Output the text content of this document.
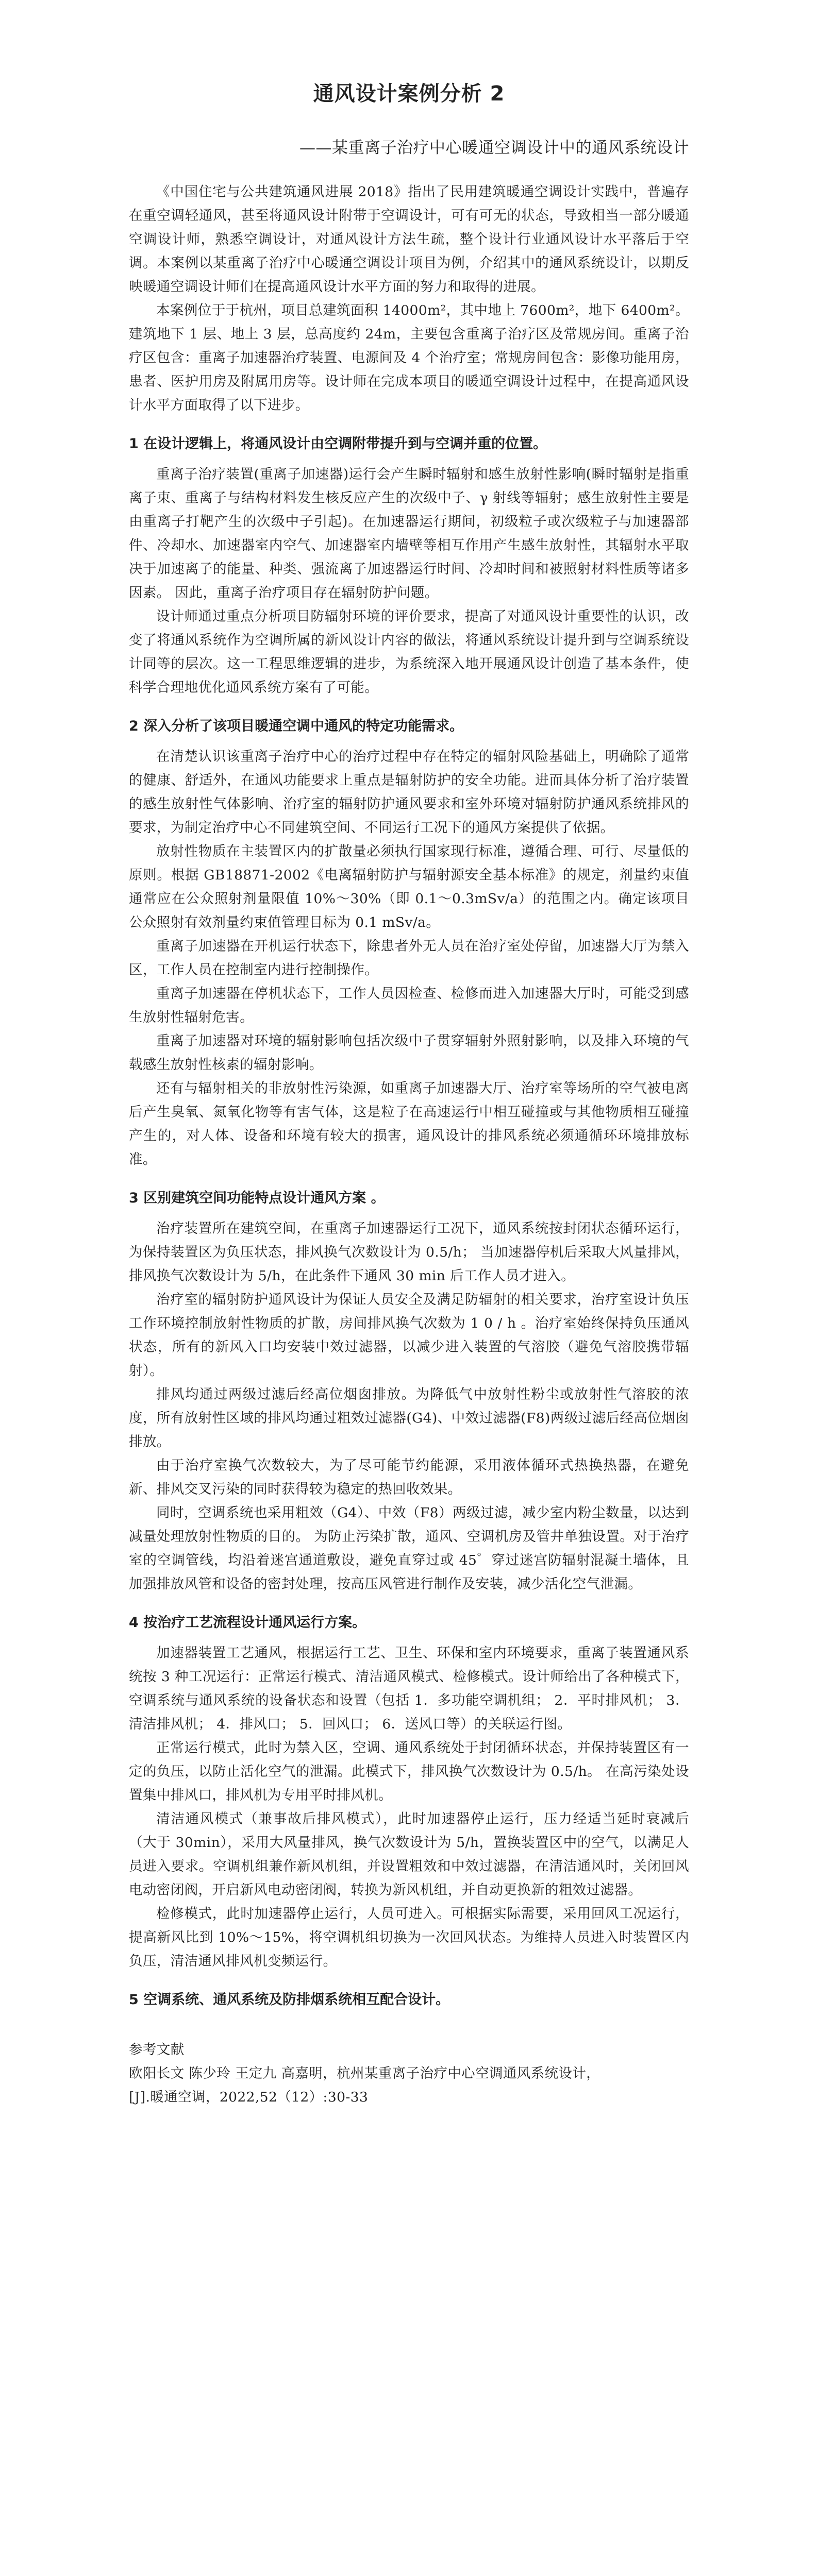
通风设计案例分析 2
——某重离子治疗中心暖通空调设计中的通风系统设计

《中国住宅与公共建筑通风进展 2018》指出了民用建筑暖通空调设计实践中，普遍存在重空调轻通风，甚至将通风设计附带于空调设计，可有可无的状态，导致相当一部分暖通空调设计师，熟悉空调设计，对通风设计方法生疏，整个设计行业通风设计水平落后于空调。本案例以某重离子治疗中心暖通空调设计项目为例，介绍其中的通风系统设计，以期反映暖通空调设计师们在提高通风设计水平方面的努力和取得的进展。

本案例位于于杭州，项目总建筑面积 14000m²，其中地上 7600m²，地下 6400m²。建筑地下 1 层、地上 3 层，总高度约 24m，主要包含重离子治疗区及常规房间。重离子治疗区包含：重离子加速器治疗装置、电源间及 4 个治疗室；常规房间包含：影像功能用房，患者、医护用房及附属用房等。设计师在完成本项目的暖通空调设计过程中，在提高通风设计水平方面取得了以下进步。

1 在设计逻辑上，将通风设计由空调附带提升到与空调并重的位置。

重离子治疗装置(重离子加速器)运行会产生瞬时辐射和感生放射性影响(瞬时辐射是指重离子束、重离子与结构材料发生核反应产生的次级中子、γ 射线等辐射；感生放射性主要是由重离子打靶产生的次级中子引起)。在加速器运行期间，初级粒子或次级粒子与加速器部件、冷却水、加速器室内空气、加速器室内墙壁等相互作用产生感生放射性，其辐射水平取决于加速离子的能量、种类、强流离子加速器运行时间、冷却时间和被照射材料性质等诸多因素。 因此，重离子治疗项目存在辐射防护问题。

设计师通过重点分析项目防辐射环境的评价要求，提高了对通风设计重要性的认识，改变了将通风系统作为空调所属的新风设计内容的做法，将通风系统设计提升到与空调系统设计同等的层次。这一工程思维逻辑的进步，为系统深入地开展通风设计创造了基本条件，使科学合理地优化通风系统方案有了可能。

2 深入分析了该项目暖通空调中通风的特定功能需求。

在清楚认识该重离子治疗中心的治疗过程中存在特定的辐射风险基础上，明确除了通常的健康、舒适外，在通风功能要求上重点是辐射防护的安全功能。进而具体分析了治疗装置的感生放射性气体影响、治疗室的辐射防护通风要求和室外环境对辐射防护通风系统排风的要求，为制定治疗中心不同建筑空间、不同运行工况下的通风方案提供了依据。

放射性物质在主装置区内的扩散量必须执行国家现行标准，遵循合理、可行、尽量低的原则。根据 GB18871-2002《电离辐射防护与辐射源安全基本标准》的规定，剂量约束值通常应在公众照射剂量限值 10%～30%（即 0.1～0.3mSv/a）的范围之内。确定该项目公众照射有效剂量约束值管理目标为 0.1 mSv/a。

重离子加速器在开机运行状态下，除患者外无人员在治疗室处停留，加速器大厅为禁入区，工作人员在控制室内进行控制操作。

重离子加速器在停机状态下，工作人员因检查、检修而进入加速器大厅时，可能受到感生放射性辐射危害。

重离子加速器对环境的辐射影响包括次级中子贯穿辐射外照射影响，以及排入环境的气载感生放射性核素的辐射影响。

还有与辐射相关的非放射性污染源，如重离子加速器大厅、治疗室等场所的空气被电离后产生臭氧、氮氧化物等有害气体，这是粒子在高速运行中相互碰撞或与其他物质相互碰撞产生的，对人体、设备和环境有较大的损害，通风设计的排风系统必须通循环环境排放标准。

3 区别建筑空间功能特点设计通风方案 。

治疗装置所在建筑空间，在重离子加速器运行工况下，通风系统按封闭状态循环运行，为保持装置区为负压状态，排风换气次数设计为 0.5/h； 当加速器停机后采取大风量排风，排风换气次数设计为 5/h，在此条件下通风 30 min 后工作人员才进入。

治疗室的辐射防护通风设计为保证人员安全及满足防辐射的相关要求，治疗室设计负压工作环境控制放射性物质的扩散，房间排风换气次数为 1 0 / h 。治疗室始终保持负压通风状态，所有的新风入口均安装中效过滤器，以减少进入装置的气溶胶（避免气溶胶携带辐射）。

排风均通过两级过滤后经高位烟囱排放。为降低气中放射性粉尘或放射性气溶胶的浓度，所有放射性区域的排风均通过粗效过滤器(G4)、中效过滤器(F8)两级过滤后经高位烟囱排放。

由于治疗室换气次数较大，为了尽可能节约能源，采用液体循环式热换热器，在避免新、排风交叉污染的同时获得较为稳定的热回收效果。

同时，空调系统也采用粗效（G4）、中效（F8）两级过滤，减少室内粉尘数量，以达到减量处理放射性物质的目的。 为防止污染扩散，通风、空调机房及管井单独设置。对于治疗室的空调管线，均沿着迷宫通道敷设，避免直穿过或 45゜穿过迷宫防辐射混凝土墙体，且加强排放风管和设备的密封处理，按高压风管进行制作及安装，减少活化空气泄漏。

4 按治疗工艺流程设计通风运行方案。

加速器装置工艺通风，根据运行工艺、卫生、环保和室内环境要求，重离子装置通风系统按 3 种工况运行：正常运行模式、清洁通风模式、检修模式。设计师给出了各种模式下，空调系统与通风系统的设备状态和设置（包括 1．多功能空调机组； 2．平时排风机； 3．清洁排风机； 4．排风口； 5．回风口； 6．送风口等）的关联运行图。

正常运行模式，此时为禁入区，空调、通风系统处于封闭循环状态，并保持装置区有一定的负压，以防止活化空气的泄漏。此模式下，排风换气次数设计为 0.5/h。 在高污染处设置集中排风口，排风机为专用平时排风机。

清洁通风模式（兼事故后排风模式），此时加速器停止运行，压力经适当延时衰减后 （大于 30min），采用大风量排风，换气次数设计为 5/h，置换装置区中的空气，以满足人员进入要求。空调机组兼作新风机组，并设置粗效和中效过滤器，在清洁通风时，关闭回风电动密闭阀，开启新风电动密闭阀，转换为新风机组，并自动更换新的粗效过滤器。

检修模式，此时加速器停止运行，人员可进入。可根据实际需要，采用回风工况运行，提高新风比到 10%～15%，将空调机组切换为一次回风状态。为维持人员进入时装置区内负压，清洁通风排风机变频运行。

5 空调系统、通风系统及防排烟系统相互配合设计。
参考文献
欧阳长文 陈少玲 王定九 高嘉明，杭州某重离子治疗中心空调通风系统设计，
[J].暖通空调，2022,52（12）:30-33
